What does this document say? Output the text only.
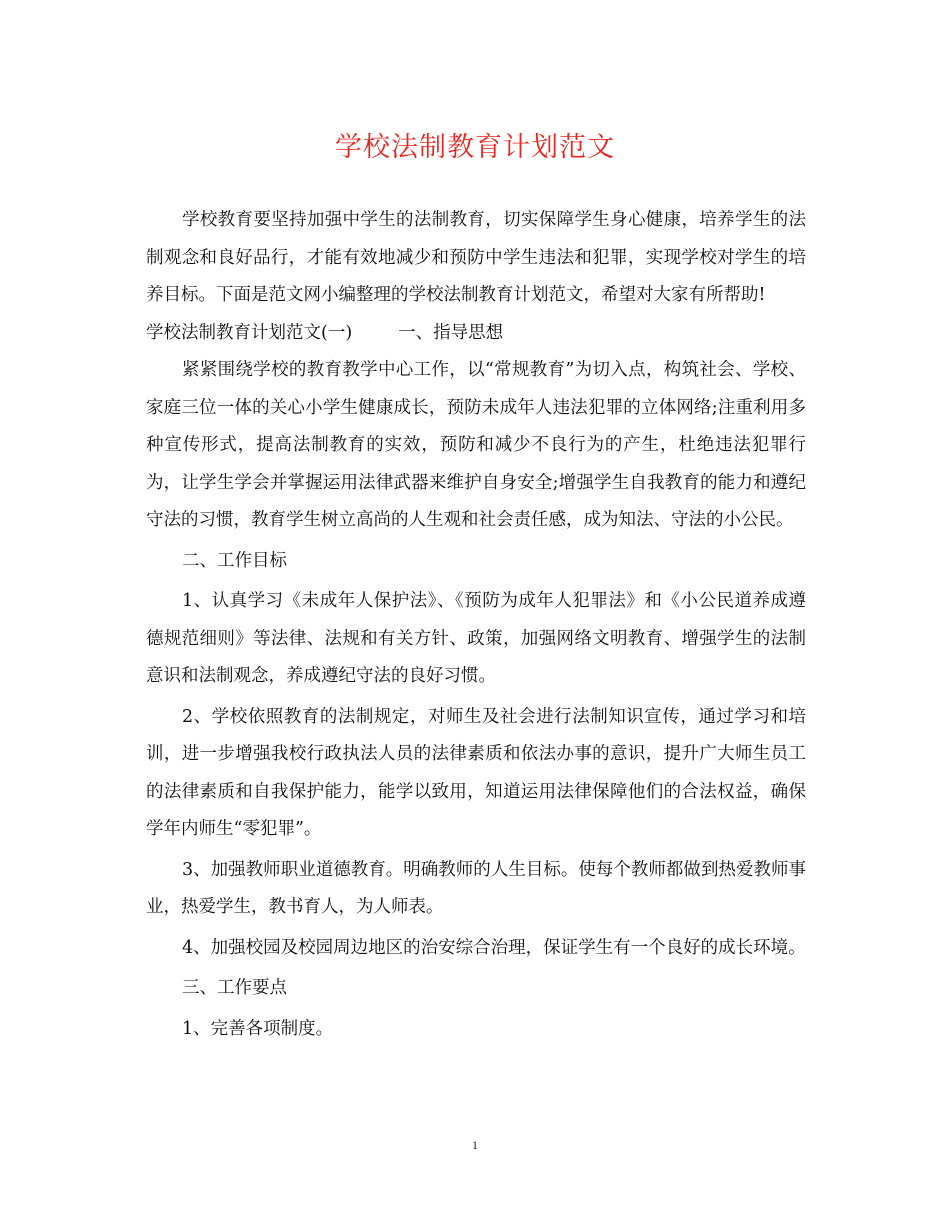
学校法制教育计划范文

学校教育要坚持加强中学生的法制教育，切实保障学生身心健康，培养学生的法制观念和良好品行，才能有效地减少和预防中学生违法和犯罪，实现学校对学生的培养目标。下面是范文网小编整理的学校法制教育计划范文，希望对大家有所帮助!

学校法制教育计划范文(一)	一、指导思想

紧紧围绕学校的教育教学中心工作，以“常规教育”为切入点，构筑社会、学校、家庭三位一体的关心小学生健康成长，预防未成年人违法犯罪的立体网络;注重利用多种宣传形式，提高法制教育的实效，预防和减少不良行为的产生，杜绝违法犯罪行为，让学生学会并掌握运用法律武器来维护自身安全;增强学生自我教育的能力和遵纪守法的习惯，教育学生树立高尚的人生观和社会责任感，成为知法、守法的小公民。

二、工作目标

1、认真学习《未成年人保护法》、《预防为成年人犯罪法》和《小公民道养成遵 德规范细则》等法律、法规和有关方针、政策，加强网络文明教育、增强学生的法制意识和法制观念，养成遵纪守法的良好习惯。

2、学校依照教育的法制规定，对师生及社会进行法制知识宣传，通过学习和培训，进一步增强我校行政执法人员的法律素质和依法办事的意识，提升广大师生员工的法律素质和自我保护能力，能学以致用，知道运用法律保障他们的合法权益，确保学年内师生“零犯罪”。

3、加强教师职业道德教育。明确教师的人生目标。使每个教师都做到热爱教师事业，热爱学生，教书育人，为人师表。

4、加强校园及校园周边地区的治安综合治理，保证学生有一个良好的成长环境。

三、工作要点

1、完善各项制度。

1
